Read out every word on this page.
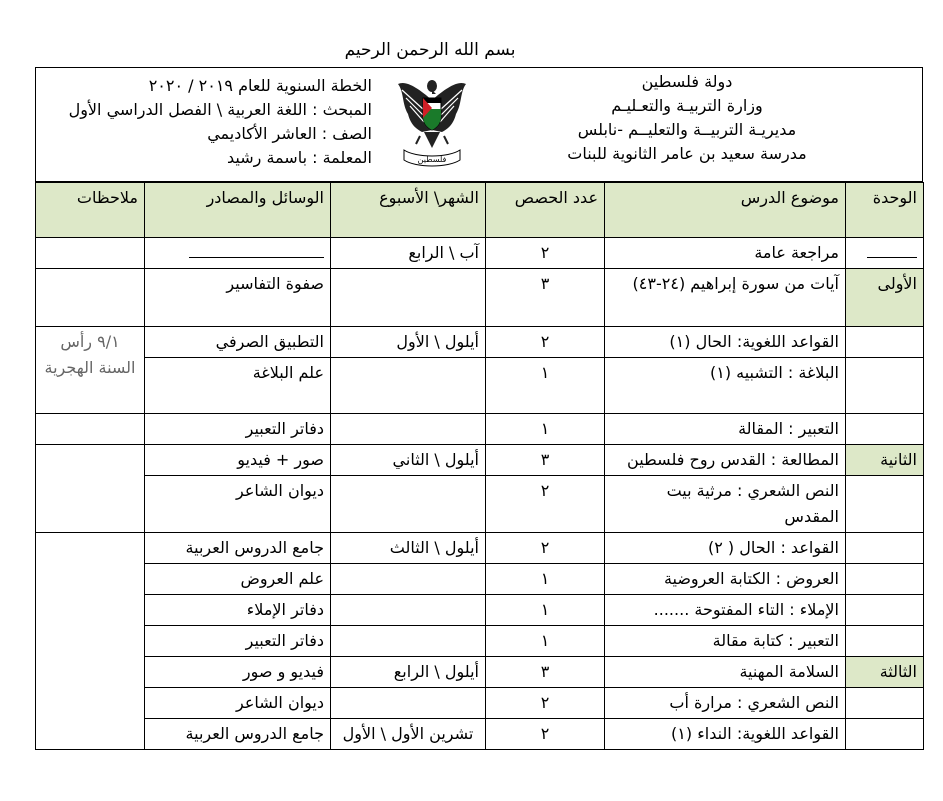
بسم الله الرحمن الرحيم
دولة فلسطين
وزارة التربيـة والتعـليـم
مديريـة التربيــة والتعليــم -نابلس
مدرسة سعيد بن عامر الثانوية للبنات
فلسطين
الخطة السنوية للعام ٢٠١٩ / ٢٠٢٠
المبحث : اللغة العربية \ الفصل الدراسي الأول
الصف : العاشر الأكاديمي
المعلمة : باسمة رشيد
الوحدة	موضوع الدرس	عدد الحصص	الشهر\ الأسبوع	الوسائل والمصادر	ملاحظات
	مراجعة عامة	٢	آب \ الرابع		
الأولى	آيات من سورة إبراهيم (٢٤-٤٣)	٣		صفوة التفاسير	
	القواعد اللغوية: الحال (١)	٢	أيلول \ الأول	التطبيق الصرفي	٩/١ رأس السنة الهجرية
	البلاغة : التشبيه (١)	١		علم البلاغة	
	التعبير : المقالة	١		دفاتر التعبير	
الثانية	المطالعة : القدس روح فلسطين	٣	أيلول \ الثاني	صور + فيديو	
	النص الشعري : مرثية بيت المقدس	٢		ديوان الشاعر	
	القواعد : الحال ( ٢)	٢	أيلول \ الثالث	جامع الدروس العربية	
	العروض : الكتابة العروضية	١		علم العروض	
	الإملاء : التاء المفتوحة .......	١		دفاتر الإملاء	
	التعبير : كتابة مقالة	١		دفاتر التعبير	
الثالثة	السلامة المهنية	٣	أيلول \ الرابع	فيديو و صور	
	النص الشعري : مرارة أب	٢		ديوان الشاعر	
	القواعد اللغوية: النداء (١)	٢	تشرين الأول \ الأول	جامع الدروس العربية	
